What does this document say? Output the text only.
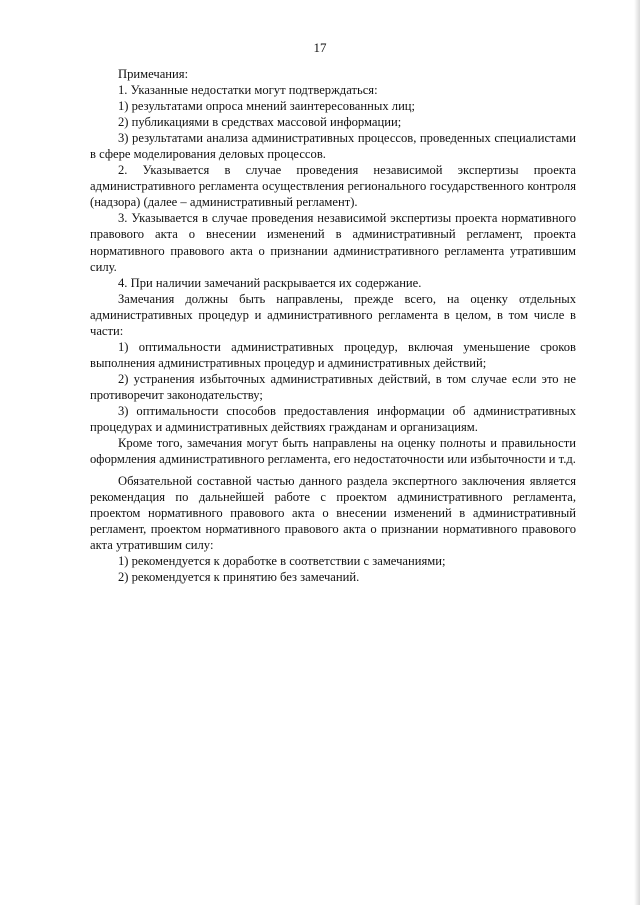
17

Примечания:

1. Указанные недостатки могут подтверждаться:

1) результатами опроса мнений заинтересованных лиц;

2) публикациями в средствах массовой информации;

3) результатами анализа административных процессов, проведенных специалистами в сфере моделирования деловых процессов.

2. Указывается в случае проведения независимой экспертизы проекта административного регламента осуществления регионального государственного контроля (надзора) (далее – административный регламент).

3. Указывается в случае проведения независимой экспертизы проекта нормативного правового акта о внесении изменений в административный регламент, проекта нормативного правового акта о признании административного регламента утратившим силу.

4. При наличии замечаний раскрывается их содержание.

Замечания должны быть направлены, прежде всего, на оценку отдельных административных процедур и административного регламента в целом, в том числе в части:

1) оптимальности административных процедур, включая уменьшение сроков выполнения административных процедур и административных действий;

2) устранения избыточных административных действий, в том случае если это не противоречит законодательству;

3) оптимальности способов предоставления информации об административных процедурах и административных действиях гражданам и организациям.

Кроме того, замечания могут быть направлены на оценку полноты и правильности оформления административного регламента, его недостаточности или избыточности и т.д.

Обязательной составной частью данного раздела экспертного заключения является рекомендация по дальнейшей работе с проектом административного регламента, проектом нормативного правового акта о внесении изменений в административный регламент, проектом нормативного правового акта о признании нормативного правового акта утратившим силу:

1) рекомендуется к доработке в соответствии с замечаниями;

2) рекомендуется к принятию без замечаний.
